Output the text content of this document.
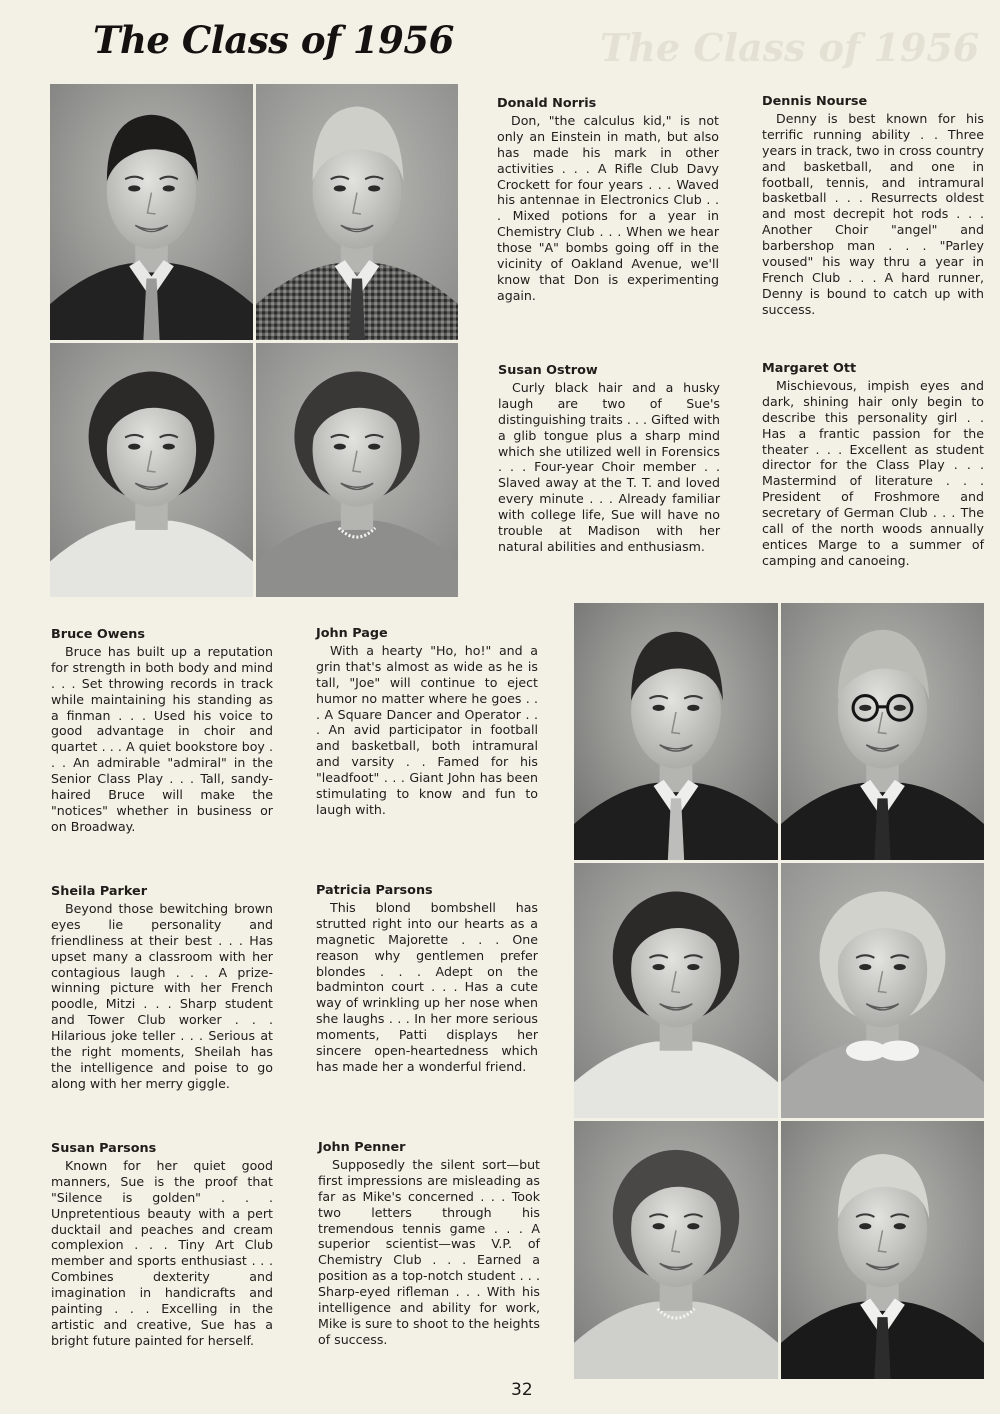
The Class of 1956
The Class of 1956
Donald Norris
Don, "the calculus kid," is not only an Einstein in math, but also has made his mark in other activities . . . A Rifle Club Davy Crockett for four years . . . Waved his antennae in Electronics Club . . . Mixed potions for a year in Chemistry Club . . . When we hear those "A" bombs going off in the vicinity of Oakland Avenue, we'll know that Don is experimenting again.
Dennis Nourse
Denny is best known for his terrific running ability . . Three years in track, two in cross country and basketball, and one in football, tennis, and intramural basketball . . . Resurrects oldest and most decrepit hot rods . . . Another Choir "angel" and barbershop man . . . "Parley voused" his way thru a year in French Club . . . A hard runner, Denny is bound to catch up with success.
Susan Ostrow
Curly black hair and a husky laugh are two of Sue's distinguishing traits . . . Gifted with a glib tongue plus a sharp mind which she utilized well in Forensics . . . Four-year Choir member . . Slaved away at the T. T. and loved every minute . . . Already familiar with college life, Sue will have no trouble at Madison with her natural abilities and enthusiasm.
Margaret Ott
Mischievous, impish eyes and dark, shining hair only begin to describe this personality girl . . Has a frantic passion for the theater . . . Excellent as student director for the Class Play . . . Mastermind of literature . . . President of Froshmore and secretary of German Club . . . The call of the north woods annually entices Marge to a summer of camping and canoeing.
Bruce Owens
Bruce has built up a reputation for strength in both body and mind . . . Set throwing records in track while maintaining his standing as a finman . . . Used his voice to good advantage in choir and quartet . . . A quiet bookstore boy . . . An admirable "admiral" in the Senior Class Play . . . Tall, sandy-haired Bruce will make the "notices" whether in business or on Broadway.
John Page
With a hearty "Ho, ho!" and a grin that's almost as wide as he is tall, "Joe" will continue to eject humor no matter where he goes . . . A Square Dancer and Operator . . . An avid participator in football and basketball, both intramural and varsity . . Famed for his "leadfoot" . . . Giant John has been stimulating to know and fun to laugh with.
Sheila Parker
Beyond those bewitching brown eyes lie personality and friendliness at their best . . . Has upset many a classroom with her contagious laugh . . . A prize-winning picture with her French poodle, Mitzi . . . Sharp student and Tower Club worker . . . Hilarious joke teller . . . Serious at the right moments, Sheilah has the intelligence and poise to go along with her merry giggle.
Patricia Parsons
This blond bombshell has strutted right into our hearts as a magnetic Majorette . . . One reason why gentlemen prefer blondes . . . Adept on the badminton court . . . Has a cute way of wrinkling up her nose when she laughs . . . In her more serious moments, Patti displays her sincere open-heartedness which has made her a wonderful friend.
Susan Parsons
Known for her quiet good manners, Sue is the proof that "Silence is golden" . . . Unpretentious beauty with a pert ducktail and peaches and cream complexion . . . Tiny Art Club member and sports enthusiast . . . Combines dexterity and imagination in handicrafts and painting . . . Excelling in the artistic and creative, Sue has a bright future painted for herself.
John Penner
Supposedly the silent sort—but first impressions are misleading as far as Mike's concerned . . . Took two letters through his tremendous tennis game . . . A superior scientist—was V.P. of Chemistry Club . . . Earned a position as a top-notch student . . . Sharp-eyed rifleman . . . With his intelligence and ability for work, Mike is sure to shoot to the heights of success.
32
